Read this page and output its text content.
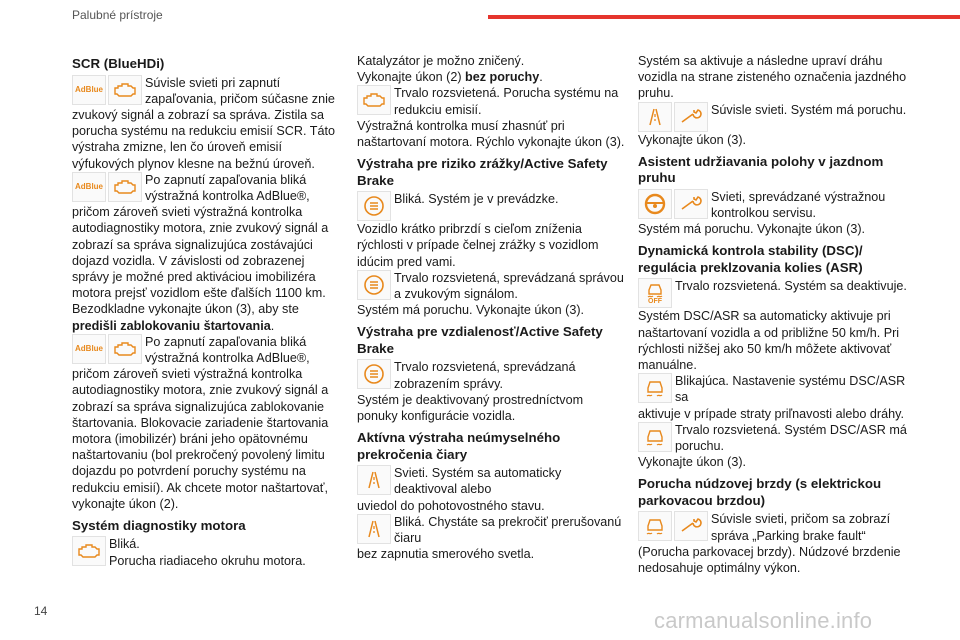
Palubné prístroje
SCR (BlueHDi)
AdBlue	Súvisle svieti pri zapnutí zapaľovania, pričom súčasne znie

zvukový signál a zobrazí sa správa. Zistila sa porucha systému na redukciu emisií SCR. Táto výstraha zmizne, len čo úroveň emisií výfukových plynov klesne na bežnú úroveň.

AdBlue	Po zapnutí zapaľovania bliká výstražná kontrolka AdBlue®,

pričom zároveň svieti výstražná kontrolka autodiagnostiky motora, znie zvukový signál a zobrazí sa správa signalizujúca zostávajúci dojazd vozidla. V závislosti od zobrazenej správy je možné pred aktiváciou imobilizéra motora prejsť vozidlom ešte ďalších 1100 km.

Bezodkladne vykonajte úkon (3), aby ste predišli zablokovaniu štartovania.

AdBlue	Po zapnutí zapaľovania bliká výstražná kontrolka AdBlue®,

pričom zároveň svieti výstražná kontrolka autodiagnostiky motora, znie zvukový signál a zobrazí sa správa signalizujúca zablokovanie štartovania. Blokovacie zariadenie štartovania motora (imobilizér) bráni jeho opätovnému naštartovaniu (bol prekročený povolený limitu dojazdu po potvrdení poruchy systému na redukciu emisií). Ak chcete motor naštartovať, vykonajte úkon (2).

Systém diagnostiky motora
Bliká.
Porucha riadiaceho okruhu motora.

Katalyzátor je možno zničený.

Vykonajte úkon (2) bez poruchy.

Trvalo rozsvietená. Porucha systému na redukciu emisií.

Výstražná kontrolka musí zhasnúť pri naštartovaní motora. Rýchlo vykonajte úkon (3).

Výstraha pre riziko zrážky/Active Safety Brake
Bliká. Systém je v prevádzke.

Vozidlo krátko pribrzdí s cieľom zníženia rýchlosti v prípade čelnej zrážky s vozidlom idúcim pred vami.

Trvalo rozsvietená, sprevádzaná správou a zvukovým signálom.

Systém má poruchu. Vykonajte úkon (3).

Výstraha pre vzdialenosť/Active Safety Brake
Trvalo rozsvietená, sprevádzaná zobrazením správy.

Systém je deaktivovaný prostredníctvom ponuky konfigurácie vozidla.

Aktívna výstraha neúmyselného prekročenia čiary
Svieti. Systém sa automaticky deaktivoval alebo

uviedol do pohotovostného stavu.

Bliká. Chystáte sa prekročiť prerušovanú čiaru

bez zapnutia smerového svetla.

Systém sa aktivuje a následne upraví dráhu vozidla na strane zisteného označenia jazdného pruhu.

Súvisle svieti. Systém má poruchu.

Vykonajte úkon (3).

Asistent udržiavania polohy v jazdnom pruhu
Svieti, sprevádzané výstražnou kontrolkou servisu.

Systém má poruchu. Vykonajte úkon (3).

Dynamická kontrola stability (DSC)/ regulácia preklzovania kolies (ASR)
OFF
Trvalo rozsvietená. Systém sa deaktivuje.

Systém DSC/ASR sa automaticky aktivuje pri naštartovaní vozidla a od približne 50 km/h. Pri rýchlosti nižšej ako 50 km/h môžete aktivovať manuálne.

Blikajúca. Nastavenie systému DSC/ASR sa

aktivuje v prípade straty priľnavosti alebo dráhy.

Trvalo rozsvietená. Systém DSC/ASR má poruchu.

Vykonajte úkon (3).

Porucha núdzovej brzdy (s elektrickou parkovacou brzdou)
Súvisle svieti, pričom sa zobrazí správa „Parking brake fault“

(Porucha parkovacej brzdy). Núdzové brzdenie nedosahuje optimálny výkon.

14	carmanualsonline.info
